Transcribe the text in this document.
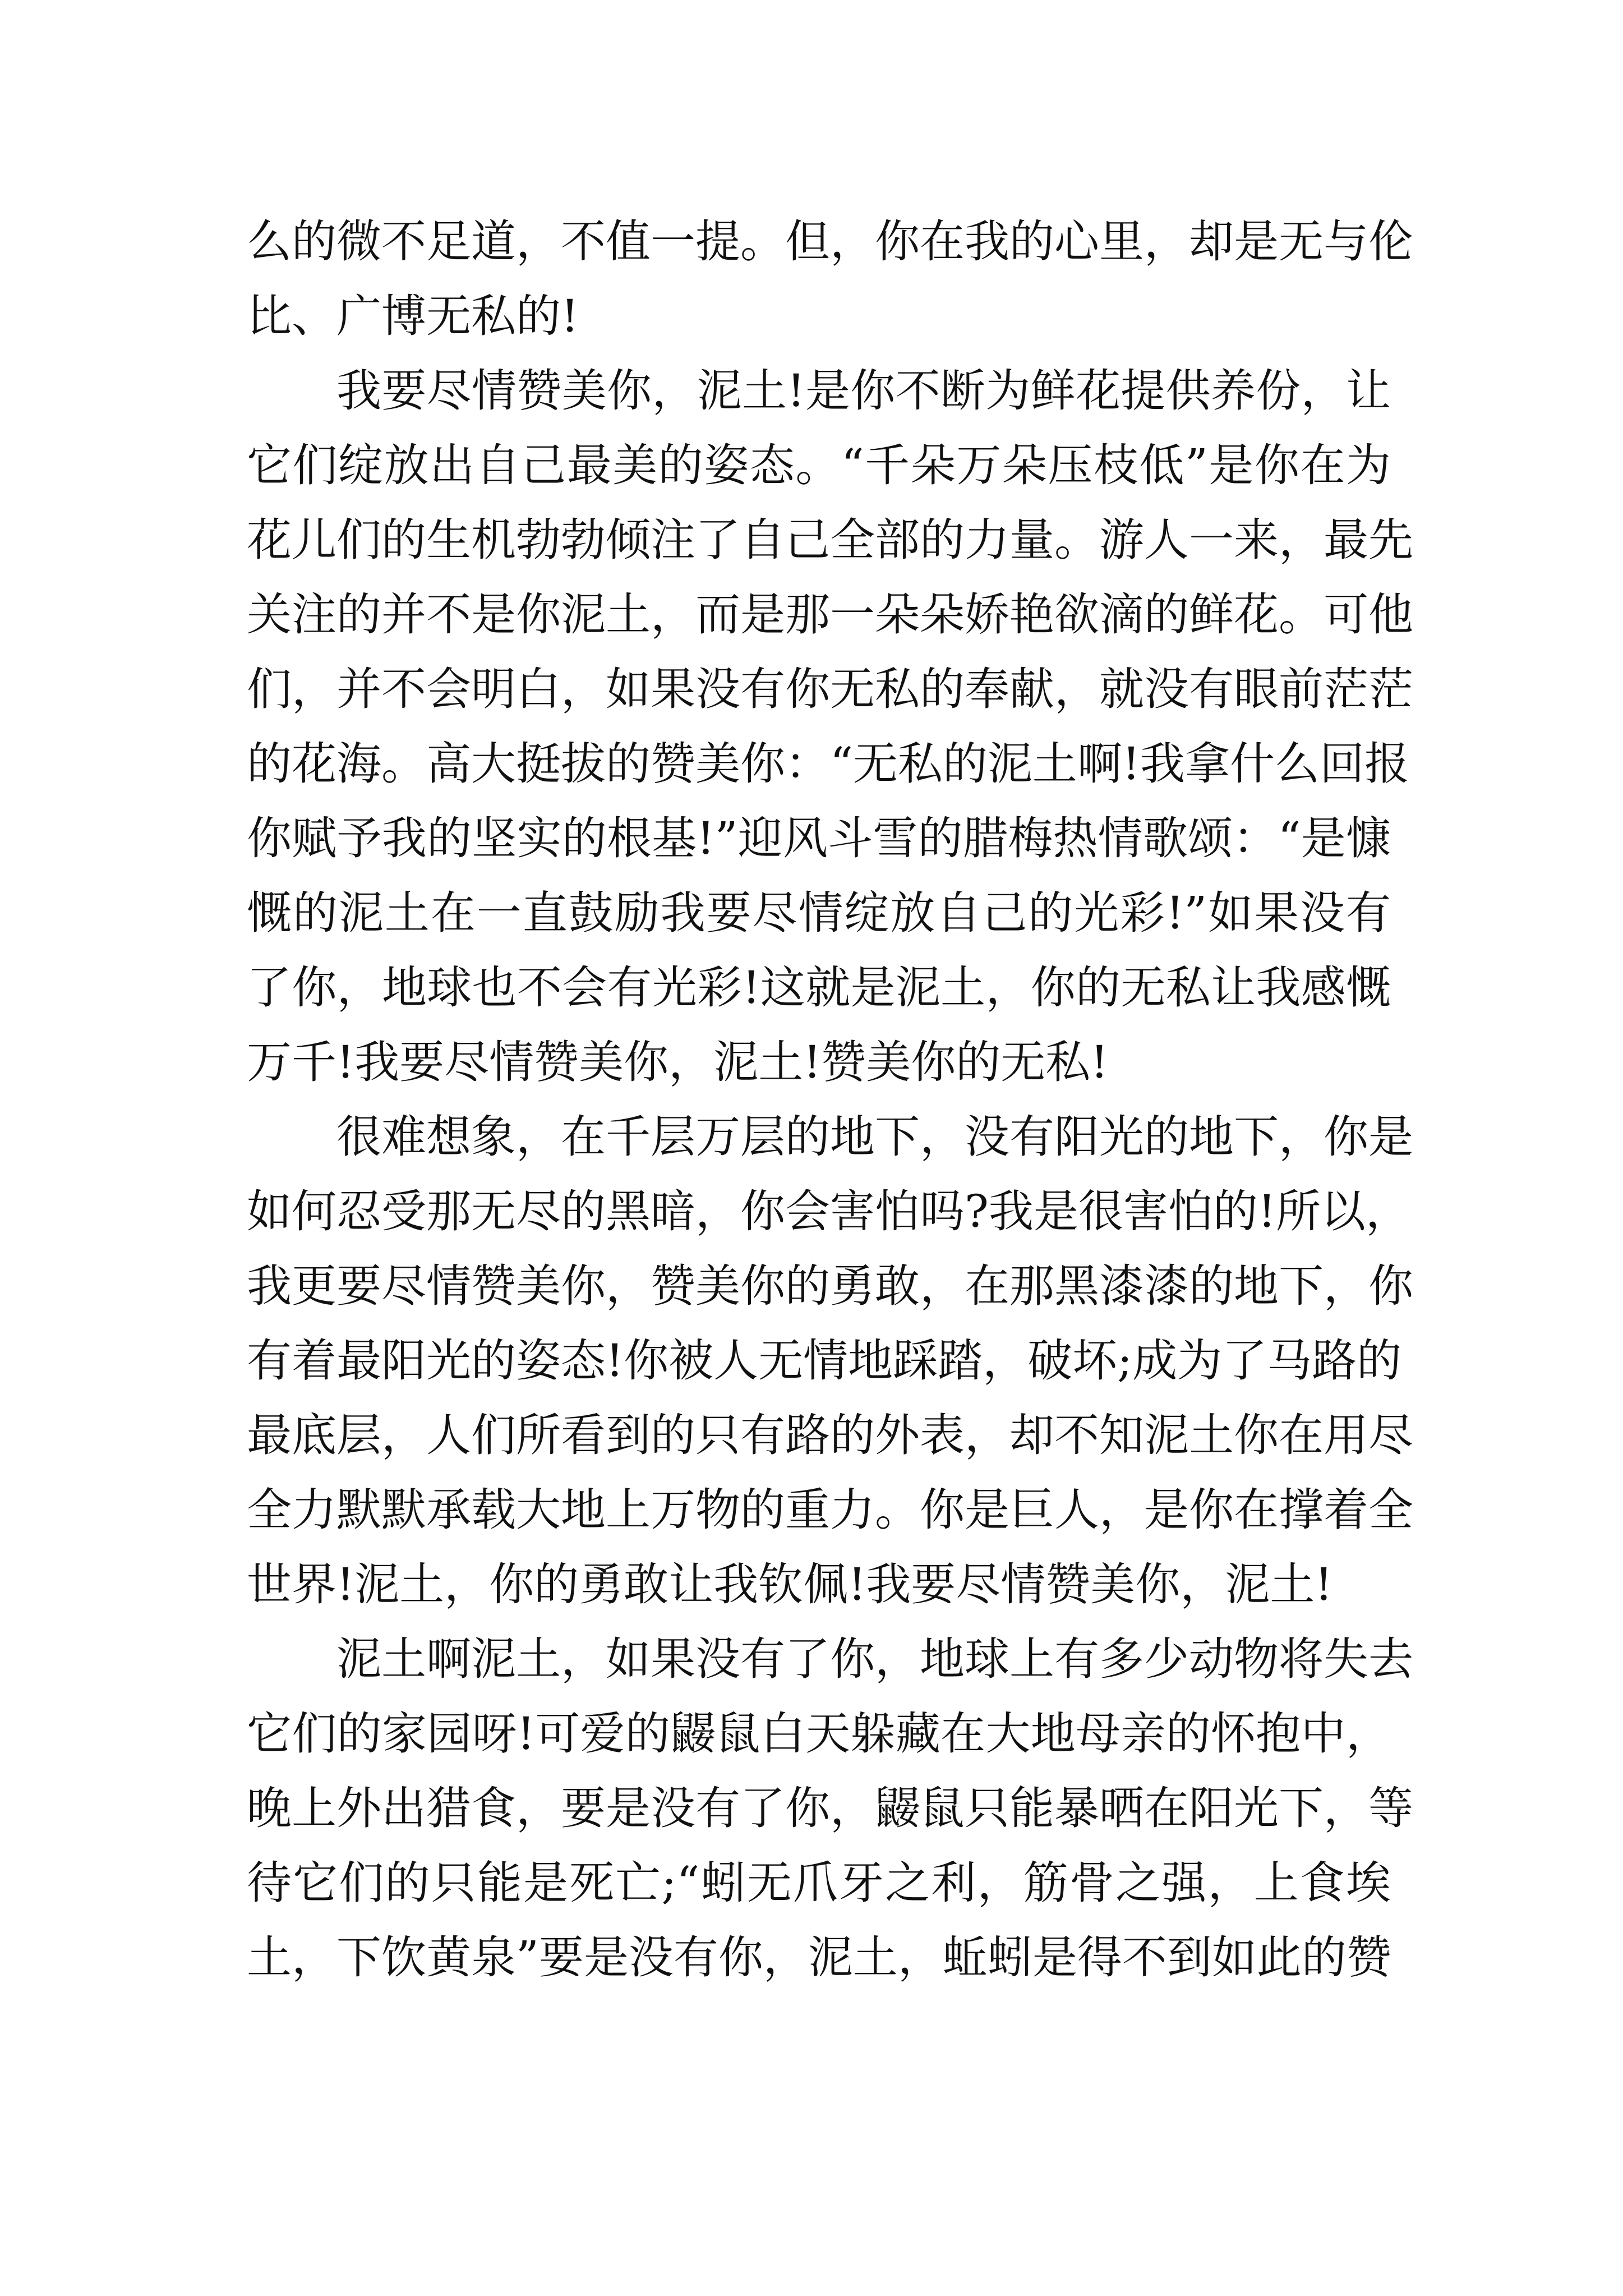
么的微不足道，不值一提。但，你在我的心里，却是无与伦
比、广博无私的!
我要尽情赞美你，泥土!是你不断为鲜花提供养份，让
它们绽放出自己最美的姿态。“千朵万朵压枝低”是你在为
花儿们的生机勃勃倾注了自己全部的力量。游人一来，最先
关注的并不是你泥土，而是那一朵朵娇艳欲滴的鲜花。可他
们，并不会明白，如果没有你无私的奉献，就没有眼前茫茫
的花海。高大挺拔的赞美你：“无私的泥土啊!我拿什么回报
你赋予我的坚实的根基!”迎风斗雪的腊梅热情歌颂：“是慷
慨的泥土在一直鼓励我要尽情绽放自己的光彩!”如果没有
了你，地球也不会有光彩!这就是泥土，你的无私让我感慨
万千!我要尽情赞美你，泥土!赞美你的无私!
很难想象，在千层万层的地下，没有阳光的地下，你是
如何忍受那无尽的黑暗，你会害怕吗?我是很害怕的!所以，
我更要尽情赞美你，赞美你的勇敢，在那黑漆漆的地下，你
有着最阳光的姿态!你被人无情地踩踏，破坏;成为了马路的
最底层，人们所看到的只有路的外表，却不知泥土你在用尽
全力默默承载大地上万物的重力。你是巨人，是你在撑着全
世界!泥土，你的勇敢让我钦佩!我要尽情赞美你，泥土!
泥土啊泥土，如果没有了你，地球上有多少动物将失去
它们的家园呀!可爱的鼹鼠白天躲藏在大地母亲的怀抱中，
晚上外出猎食，要是没有了你，鼹鼠只能暴晒在阳光下，等
待它们的只能是死亡;“蚓无爪牙之利，筋骨之强，上食埃
土，下饮黄泉”要是没有你，泥土，蚯蚓是得不到如此的赞
